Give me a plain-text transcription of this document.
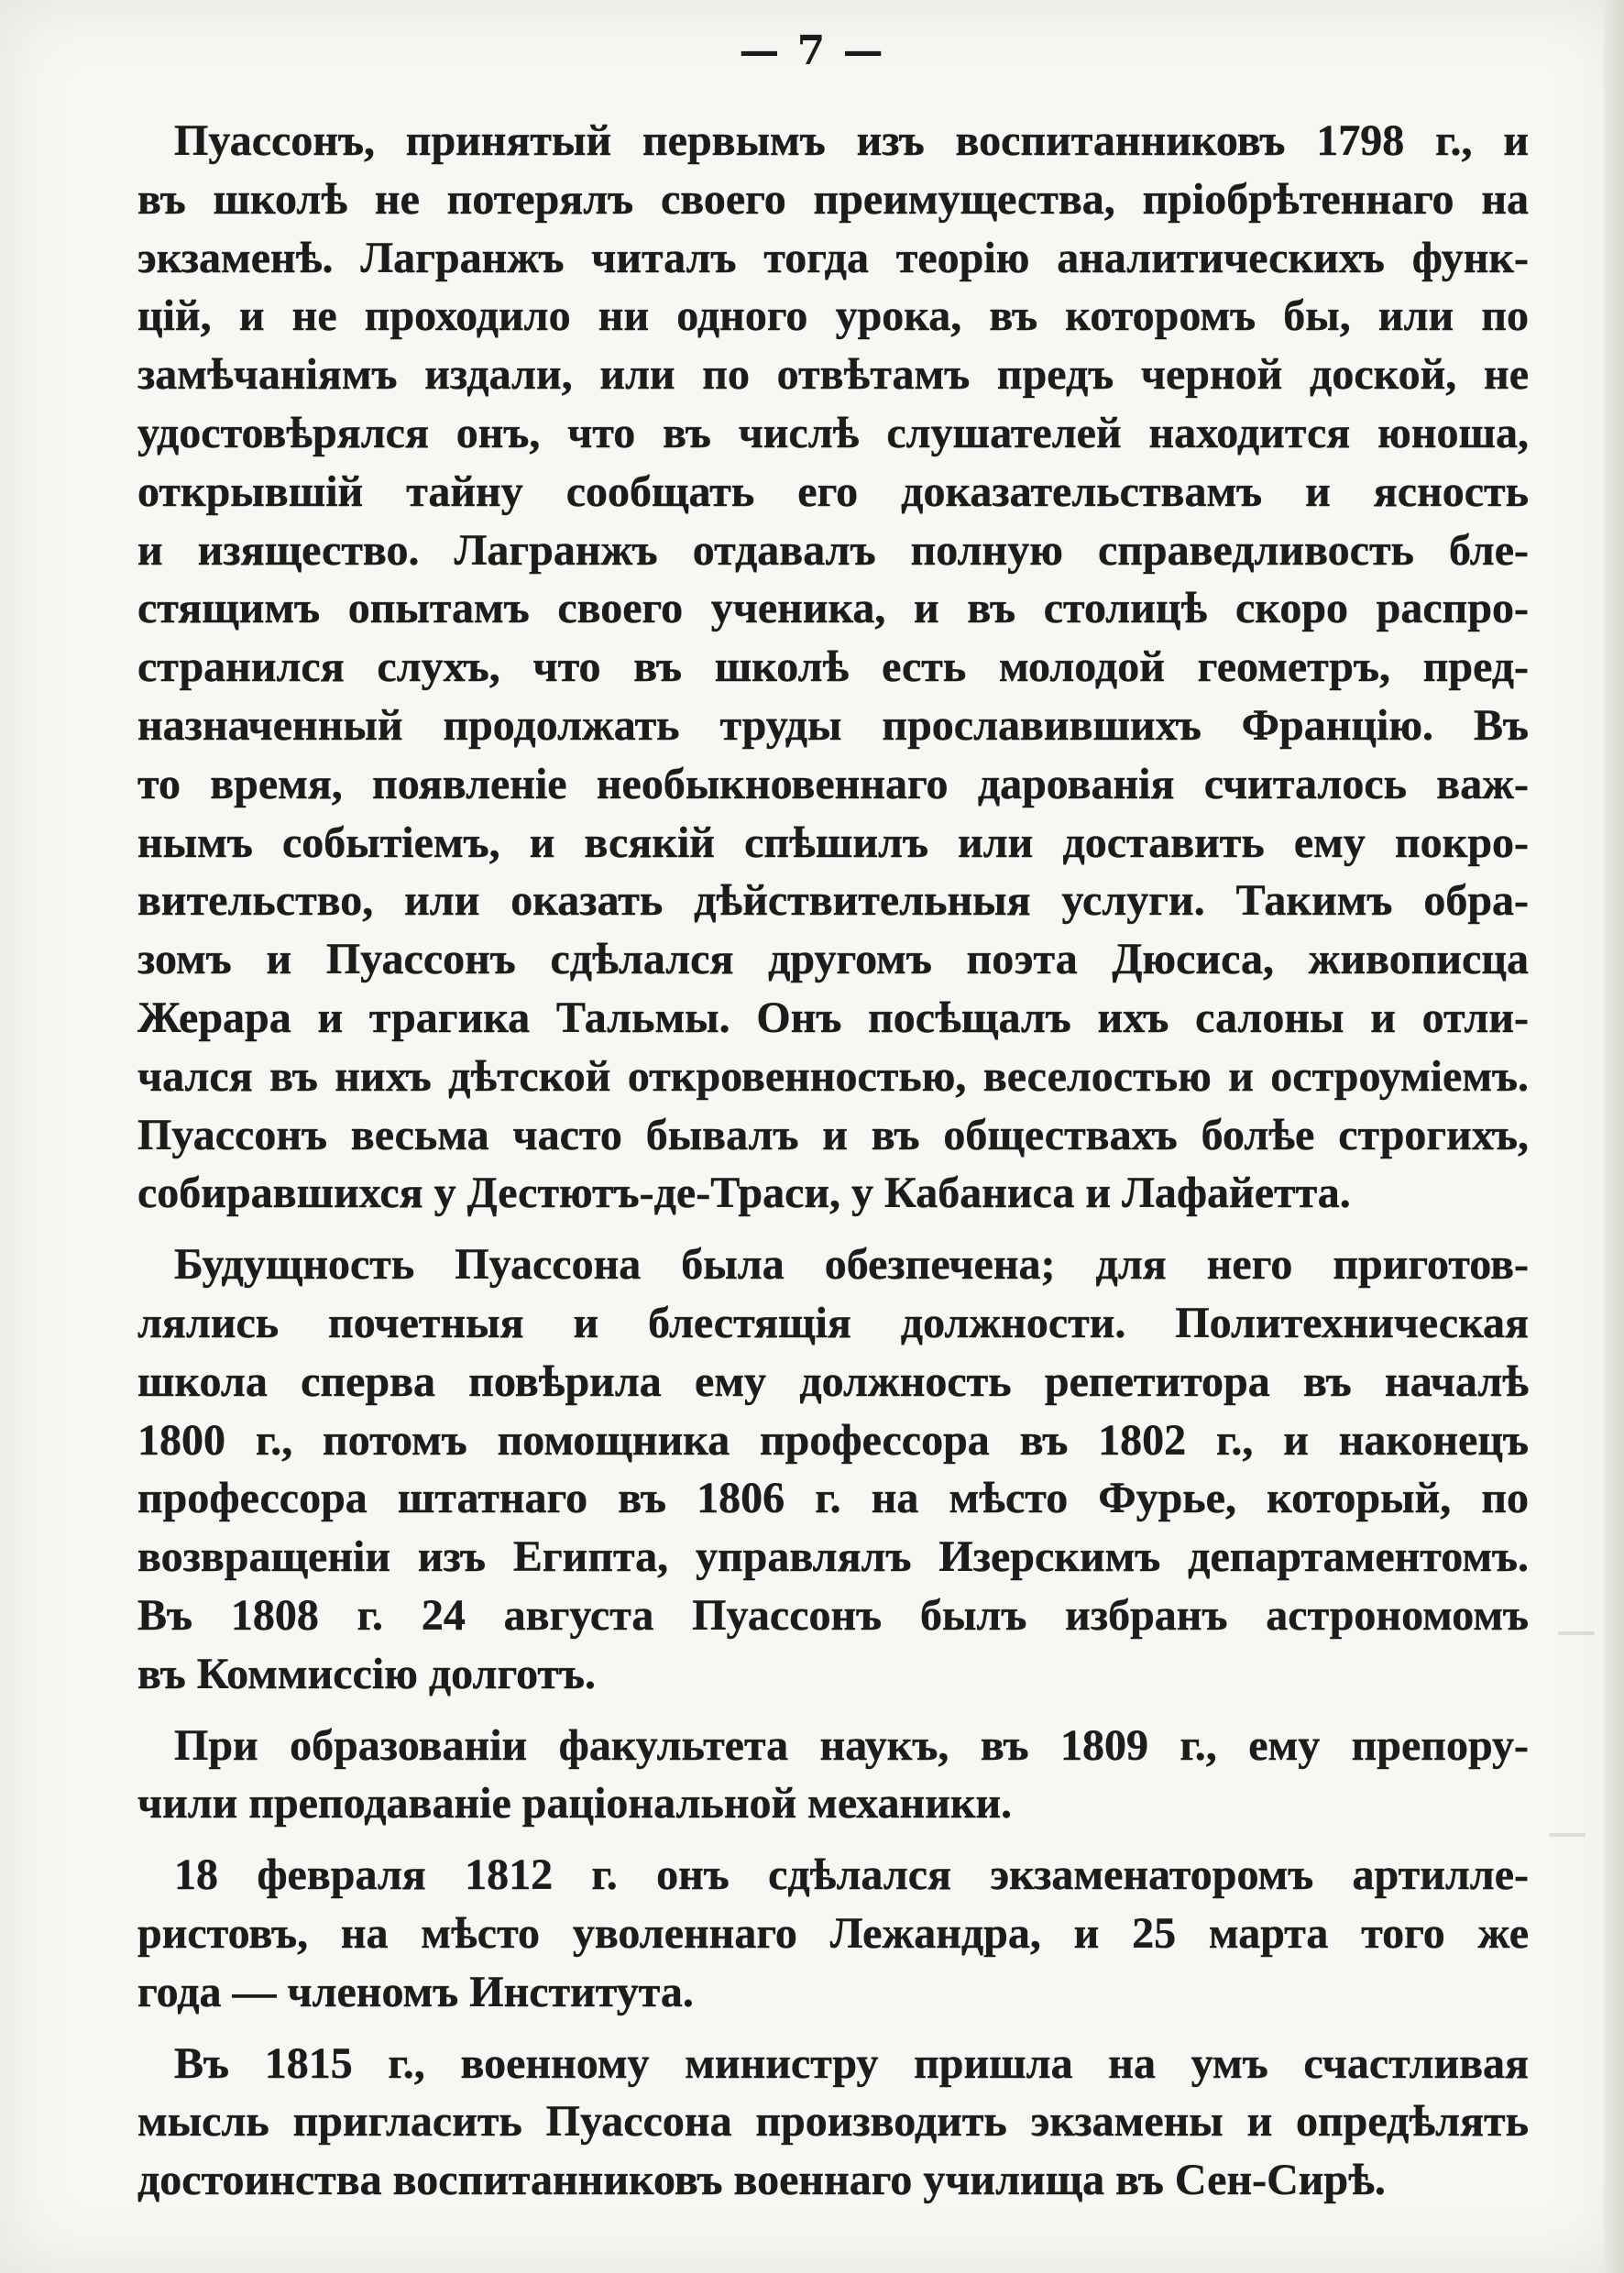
— 7 —
Пуассонъ, принятый первымъ изъ воспитанниковъ 1798 г., и
въ школѣ не потерялъ своего преимущества, пріобрѣтеннаго на
экзаменѣ. Лагранжъ читалъ тогда теорію аналитическихъ функ-
цій, и не проходило ни одного урока, въ которомъ бы, или по
замѣчаніямъ издали, или по отвѣтамъ предъ черной доской, не
удостовѣрялся онъ, что въ числѣ слушателей находится юноша,
открывшій тайну сообщать его доказательствамъ и ясность
и изящество. Лагранжъ отдавалъ полную справедливость бле-
стящимъ опытамъ своего ученика, и въ столицѣ скоро распро-
странился слухъ, что въ школѣ есть молодой геометръ, пред-
назначенный продолжать труды прославившихъ Францію. Въ
то время, появленіе необыкновеннаго дарованія считалось важ-
нымъ событіемъ, и всякій спѣшилъ или доставить ему покро-
вительство, или оказать дѣйствительныя услуги. Такимъ обра-
зомъ и Пуассонъ сдѣлался другомъ поэта Дюсиса, живописца
Жерара и трагика Тальмы. Онъ посѣщалъ ихъ салоны и отли-
чался въ нихъ дѣтской откровенностью, веселостью и остроуміемъ.
Пуассонъ весьма часто бывалъ и въ обществахъ болѣе строгихъ,
собиравшихся у Дестютъ-де-Траси, у Кабаниса и Лафайетта.
Будущность Пуассона была обезпечена; для него приготов-
лялись почетныя и блестящія должности. Политехническая
школа сперва повѣрила ему должность репетитора въ началѣ
1800 г., потомъ помощника профессора въ 1802 г., и наконецъ
профессора штатнаго въ 1806 г. на мѣсто Фурье, который, по
возвращеніи изъ Египта, управлялъ Изерскимъ департаментомъ.
Въ 1808 г. 24 августа Пуассонъ былъ избранъ астрономомъ
въ Коммиссію долготъ.
При образованіи факультета наукъ, въ 1809 г., ему препору-
чили преподаваніе раціональной механики.
18 февраля 1812 г. онъ сдѣлался экзаменаторомъ артилле-
ристовъ, на мѣсто уволеннаго Лежандра, и 25 марта того же
года — членомъ Института.
Въ 1815 г., военному министру пришла на умъ счастливая
мысль пригласить Пуассона производить экзамены и опредѣлять
достоинства воспитанниковъ военнаго училища въ Сен-Сирѣ.
